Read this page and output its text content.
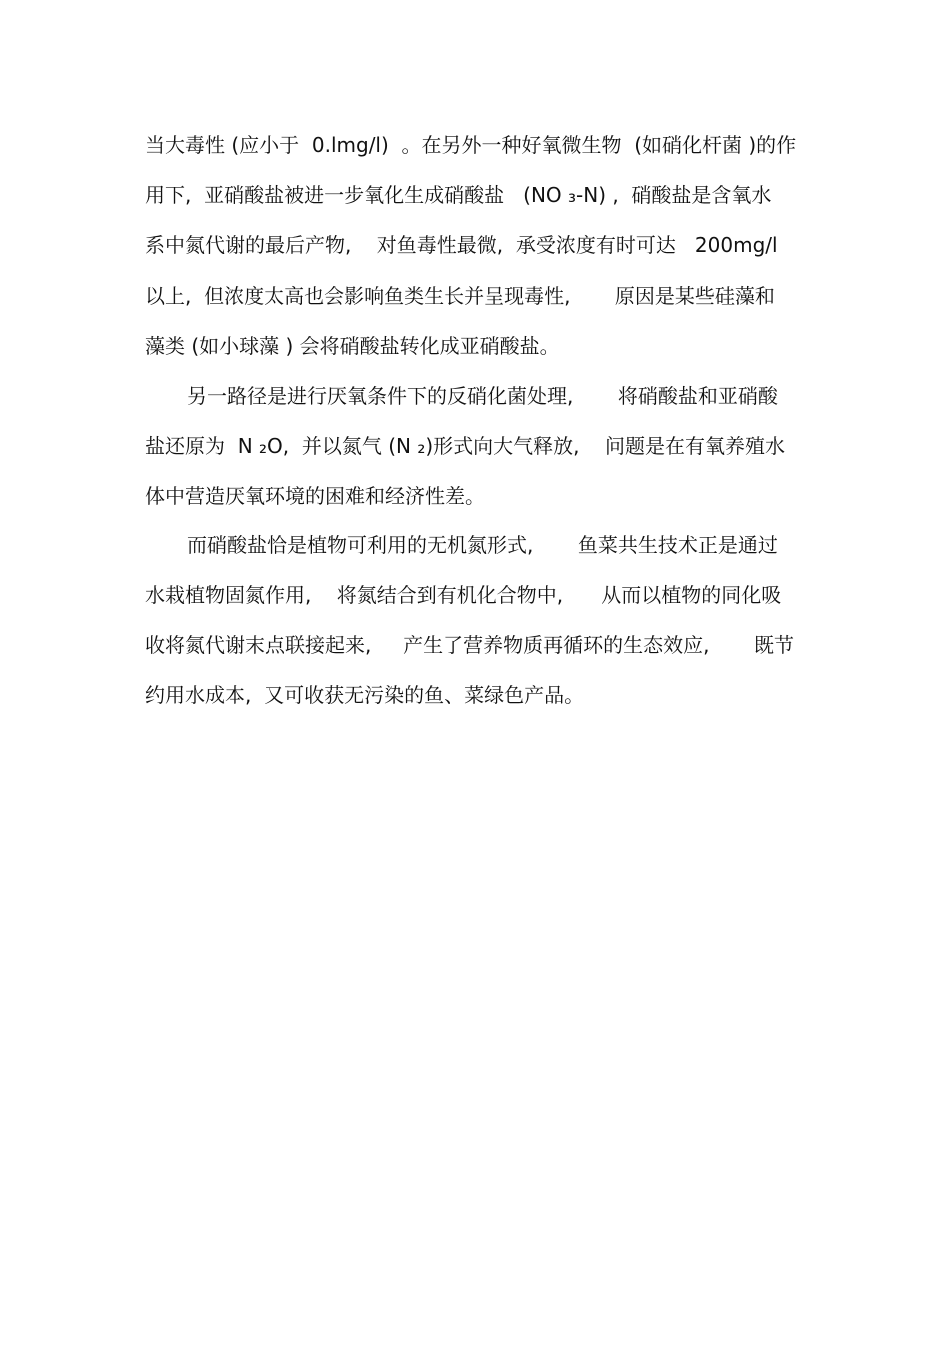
当大毒性 (应小于  0.lmg/l)  。在另外一种好氧微生物  (如硝化杆菌 )的作
用下,  亚硝酸盐被进一步氧化生成硝酸盐   (NO ₃-N) ,  硝酸盐是含氧水
系中氮代谢的最后产物,    对鱼毒性最微,  承受浓度有时可达   200mg/l
以上,  但浓度太高也会影响鱼类生长并呈现毒性,       原因是某些硅藻和
藻类 (如小球藻 ) 会将硝酸盐转化成亚硝酸盐。
另一路径是进行厌氧条件下的反硝化菌处理,       将硝酸盐和亚硝酸
盐还原为  N ₂O,  并以氮气 (N ₂)形式向大气释放,    问题是在有氧养殖水
体中营造厌氧环境的困难和经济性差。
而硝酸盐恰是植物可利用的无机氮形式,       鱼菜共生技术正是通过
水栽植物固氮作用,    将氮结合到有机化合物中,      从而以植物的同化吸
收将氮代谢末点联接起来,     产生了营养物质再循环的生态效应,       既节
约用水成本,  又可收获无污染的鱼、菜绿色产品。
